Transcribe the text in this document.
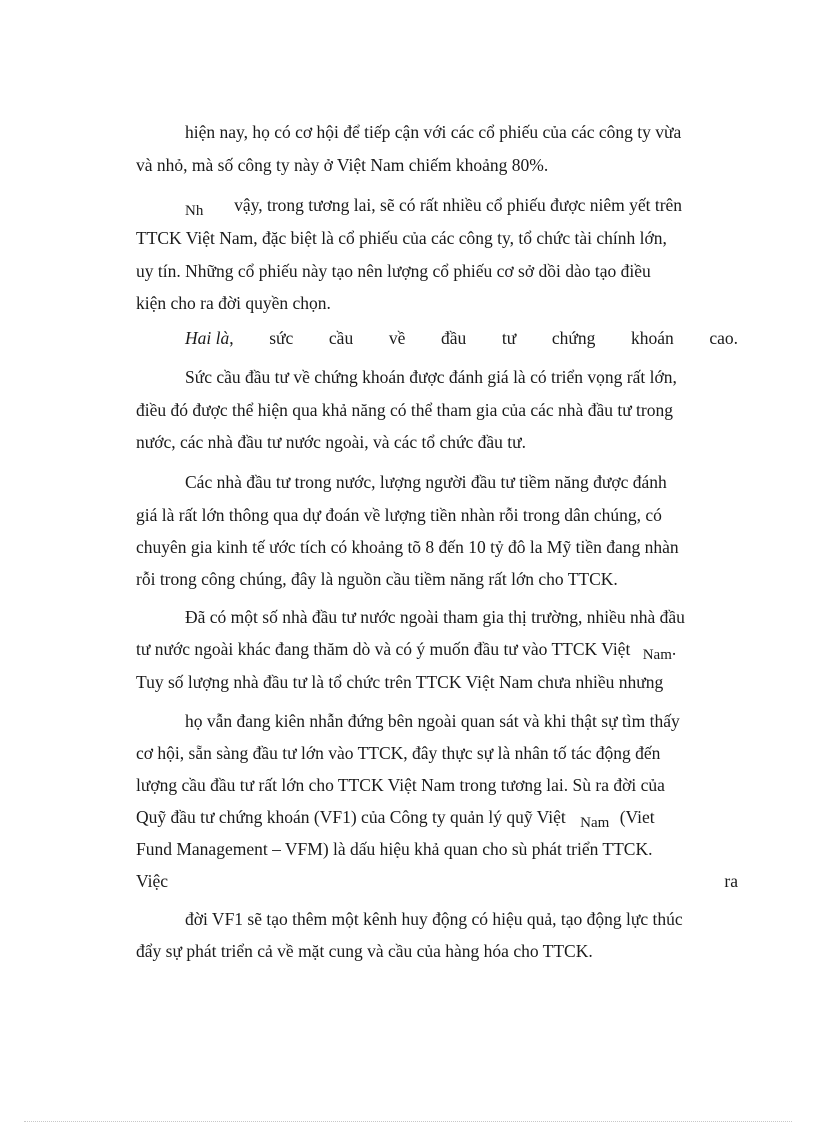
hiện nay, họ có cơ hội để tiếp cận với các cổ phiếu của các công ty vừa
và nhỏ, mà số công ty này ở Việt Nam chiếm khoảng 80%.
Nh vậy, trong tương lai, sẽ có rất nhiều cổ phiếu được niêm yết trên
TTCK Việt Nam, đặc biệt là cổ phiếu của các công ty, tổ chức tài chính lớn,
uy tín. Những cổ phiếu này tạo nên lượng cổ phiếu cơ sở dồi dào tạo điều
kiện cho ra đời quyền chọn.
Hai là, sức cầu về đầu tư chứng khoán cao.
Sức cầu đầu tư về chứng khoán được đánh giá là có triển vọng rất lớn,
điều đó được thể hiện qua khả năng có thể tham gia của các nhà đầu tư trong
nước, các nhà đầu tư nước ngoài, và các tổ chức đầu tư.
Các nhà đầu tư trong nước, lượng người đầu tư tiềm năng được đánh
giá là rất lớn thông qua dự đoán về lượng tiền nhàn rỗi trong dân chúng, có
chuyên gia kinh tế ước tích có khoảng tõ 8 đến 10 tỷ đô la Mỹ tiền đang nhàn
rỗi trong công chúng, đây là nguồn cầu tiềm năng rất lớn cho TTCK.
Đã có một số nhà đầu tư nước ngoài tham gia thị trường, nhiều nhà đầu
tư nước ngoài khác đang thăm dò và có ý muốn đầu tư vào TTCK Việt Nam.
Tuy số lượng nhà đầu tư là tổ chức trên TTCK Việt Nam chưa nhiều nhưng
họ vẫn đang kiên nhẫn đứng bên ngoài quan sát và khi thật sự tìm thấy
cơ hội, sẵn sàng đầu tư lớn vào TTCK, đây thực sự là nhân tố tác động đến
lượng cầu đầu tư rất lớn cho TTCK Việt Nam trong tương lai. Sù ra đời của
Quỹ đầu tư chứng khoán (VF1) của Công ty quản lý quỹ Việt Nam (Viet
Fund Management – VFM) là dấu hiệu khả quan cho sù phát triển TTCK.
Việc	ra
đời VF1 sẽ tạo thêm một kênh huy động có hiệu quả, tạo động lực thúc
đẩy sự phát triển cả về mặt cung và cầu của hàng hóa cho TTCK.
